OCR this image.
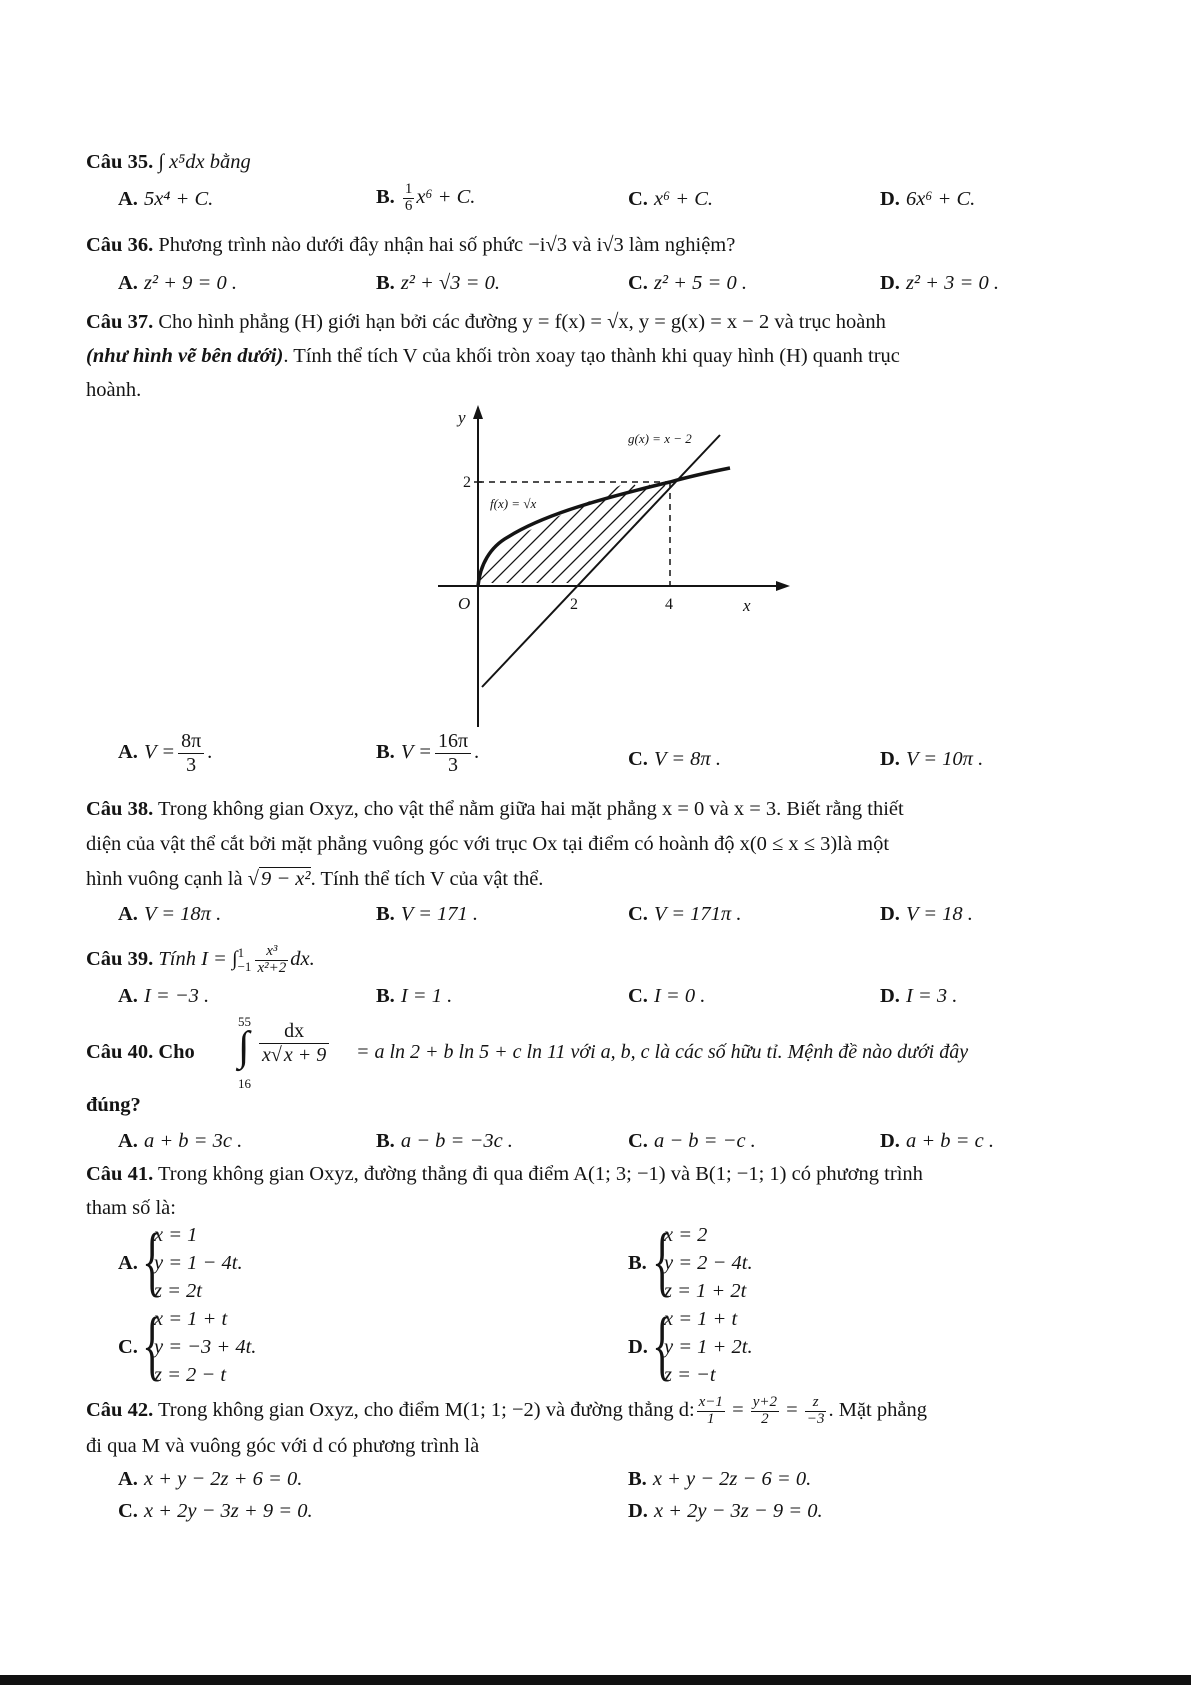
Câu 35. ∫ x⁵dx bằng
A. 5x⁴ + C.	B. $\frac{1}{6} x^6 + C$.	C. x⁶ + C.	D. 6x⁶ + C.
Câu 36. Phương trình nào dưới đây nhận hai số phức −i√3 và i√3 làm nghiệm?
A. z² + 9 = 0 .	B. z² + √3 = 0.	C. z² + 5 = 0 .	D. z² + 3 = 0 .
Câu 37. Cho hình phẳng (H) giới hạn bởi các đường y = f(x) = √x, y = g(x) = x − 2 và trục hoành
(như hình vẽ bên dưới). Tính thể tích V của khối tròn xoay tạo thành khi quay hình (H) quanh trục
hoành.
y
x
O	2	4
2
f(x) = √x
g(x) = x − 2
A. $V = \frac{8\pi}{3}$ .	B. $V = \frac{16\pi}{3}$ .	C. V = 8π .	D. V = 10π .
Câu 38. Trong không gian Oxyz, cho vật thể nằm giữa hai mặt phẳng x = 0 và x = 3. Biết rằng thiết
diện của vật thể cắt bởi mặt phẳng vuông góc với trục Ox tại điểm có hoành độ x(0 ≤ x ≤ 3)là một
hình vuông cạnh là √9 − x². Tính thể tích V của vật thể.
A. V = 18π .	B. V = 171 .	C. V = 171π .	D. V = 18 .
Câu 39. Tính I = ∫ 1
$-1 \frac{\text{x³}}{\text{x²+2}}$ dx.
A. I = −3 .	B. I = 1 .	C. I = 0 .	D. I = 3 .
Câu 40. Cho
55
∫
16
$\frac{dx}{x√ x + 9} = a$ ln 2 + b ln 5 + c ln 11 với a, b, c là các số hữu tỉ. Mệnh đề nào dưới đây
đúng?
A. a + b = 3c .	B. a − b = −3c .	C. a − b = −c .	D. a + b = c .
Câu 41. Trong không gian Oxyz, đường thẳng đi qua điểm A(1; 3; −1) và B(1; −1; 1) có phương trình
tham số là:
A. {
x = 1
y = 1 − 4t.
z = 2t
B. {
x = 2
y = 2 − 4t.
z = 1 + 2t
C. {
x = 1 + t
y = −3 + 4t.
z = 2 − t
D. {
x = 1 + t
y = 1 + 2t.
z = −t
Câu 42. Trong không gian Oxyz, cho điểm M(1; 1; −2) và đường thẳng d: $\frac{x-1}{1} = \frac{y+2}{2} = \frac{z}{-3}$ . Mặt phẳng
đi qua M và vuông góc với d có phương trình là
A. x + y − 2z + 6 = 0.	B. x + y − 2z − 6 = 0.
C. x + 2y − 3z + 9 = 0.	D. x + 2y − 3z − 9 = 0.
